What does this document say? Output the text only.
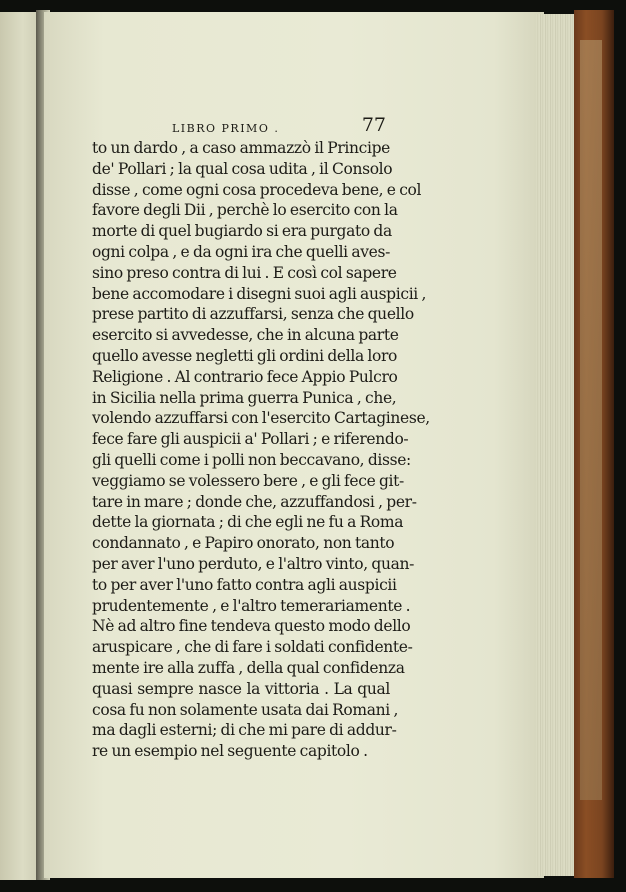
LIBRO PRIMO .	77
to un dardo , a caso ammazzò il Principe
de' Pollari ; la qual cosa udita , il Consolo
disse , come ogni cosa procedeva bene, e col
favore degli Dii , perchè lo esercito con la
morte di quel bugiardo si era purgato da
ogni colpa , e da ogni ira che quelli aves-
sino preso contra di lui . E così col sapere
bene accomodare i disegni suoi agli auspicii ,
prese partito di azzuffarsi, senza che quello
esercito si avvedesse, che in alcuna parte
quello avesse negletti gli ordini della loro
Religione . Al contrario fece Appio Pulcro
in Sicilia nella prima guerra Punica , che,
volendo azzuffarsi con l'esercito Cartaginese,
fece fare gli auspicii a' Pollari ; e riferendo-
gli quelli come i polli non beccavano, disse:
veggiamo se volessero bere , e gli fece git-
tare in mare ; donde che, azzuffandosi , per-
dette la giornata ; di che egli ne fu a Roma
condannato , e Papiro onorato, non tanto
per aver l'uno perduto, e l'altro vinto, quan-
to per aver l'uno fatto contra agli auspicii
prudentemente , e l'altro temerariamente .
Nè ad altro fine tendeva questo modo dello
aruspicare , che di fare i soldati confidente-
mente ire alla zuffa , della qual confidenza
quasi sempre nasce la vittoria . La qual
cosa fu non solamente usata dai Romani ,
ma dagli esterni; di che mi pare di addur-
re un esempio nel seguente capitolo .
